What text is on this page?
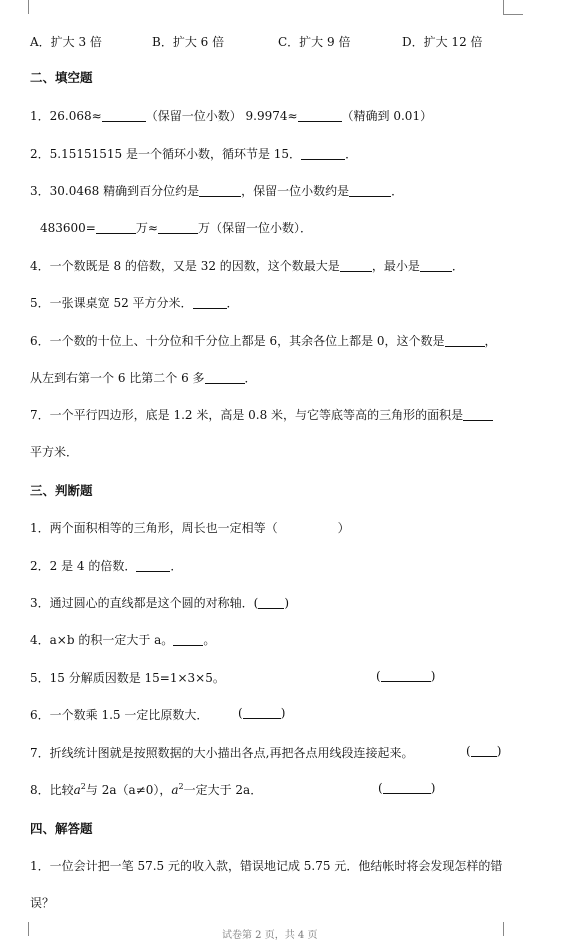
A．扩大 3 倍	B．扩大 6 倍	C．扩大 9 倍	D．扩大 12 倍
二、填空题
1．26.068≈	（保留一位小数） 9.9974≈	（精确到 0.01）
2．5.15151515 是一个循环小数，循环节是 15．	．
3．30.0468 精确到百分位约是	，保留一位小数约是	．
483600=	万≈	万（保留一位小数）．
4．一个数既是 8 的倍数，又是 32 的因数，这个数最大是	，最小是	．
5．一张课桌宽 52 平方分米．	．
6．一个数的十位上、十分位和千分位上都是 6，其余各位上都是 0，这个数是	，
从左到右第一个 6 比第二个 6 多	．
7．一个平行四边形，底是 1.2 米，高是 0.8 米，与它等底等高的三角形的面积是
平方米．
三、判断题
1．两个面积相等的三角形，周长也一定相等（	）
2．2 是 4 的倍数．	．
3．通过圆心的直线都是这个圆的对称轴．( )
4．a×b 的积一定大于 a。	。
5．15 分解质因数是 15=1×3×5。	(	)
6．一个数乘 1.5 一定比原数大． (	)
7．折线统计图就是按照数据的大小描出各点,再把各点用线段连接起来。	( )
8．比较$a^2$与 2a（a≠0），$a^2$一定大于 2a．	(	)
四、解答题
1．一位会计把一笔 57.5 元的收入款，错误地记成 5.75 元．他结帐时将会发现怎样的错
误？
试卷第 2 页，共 4 页
